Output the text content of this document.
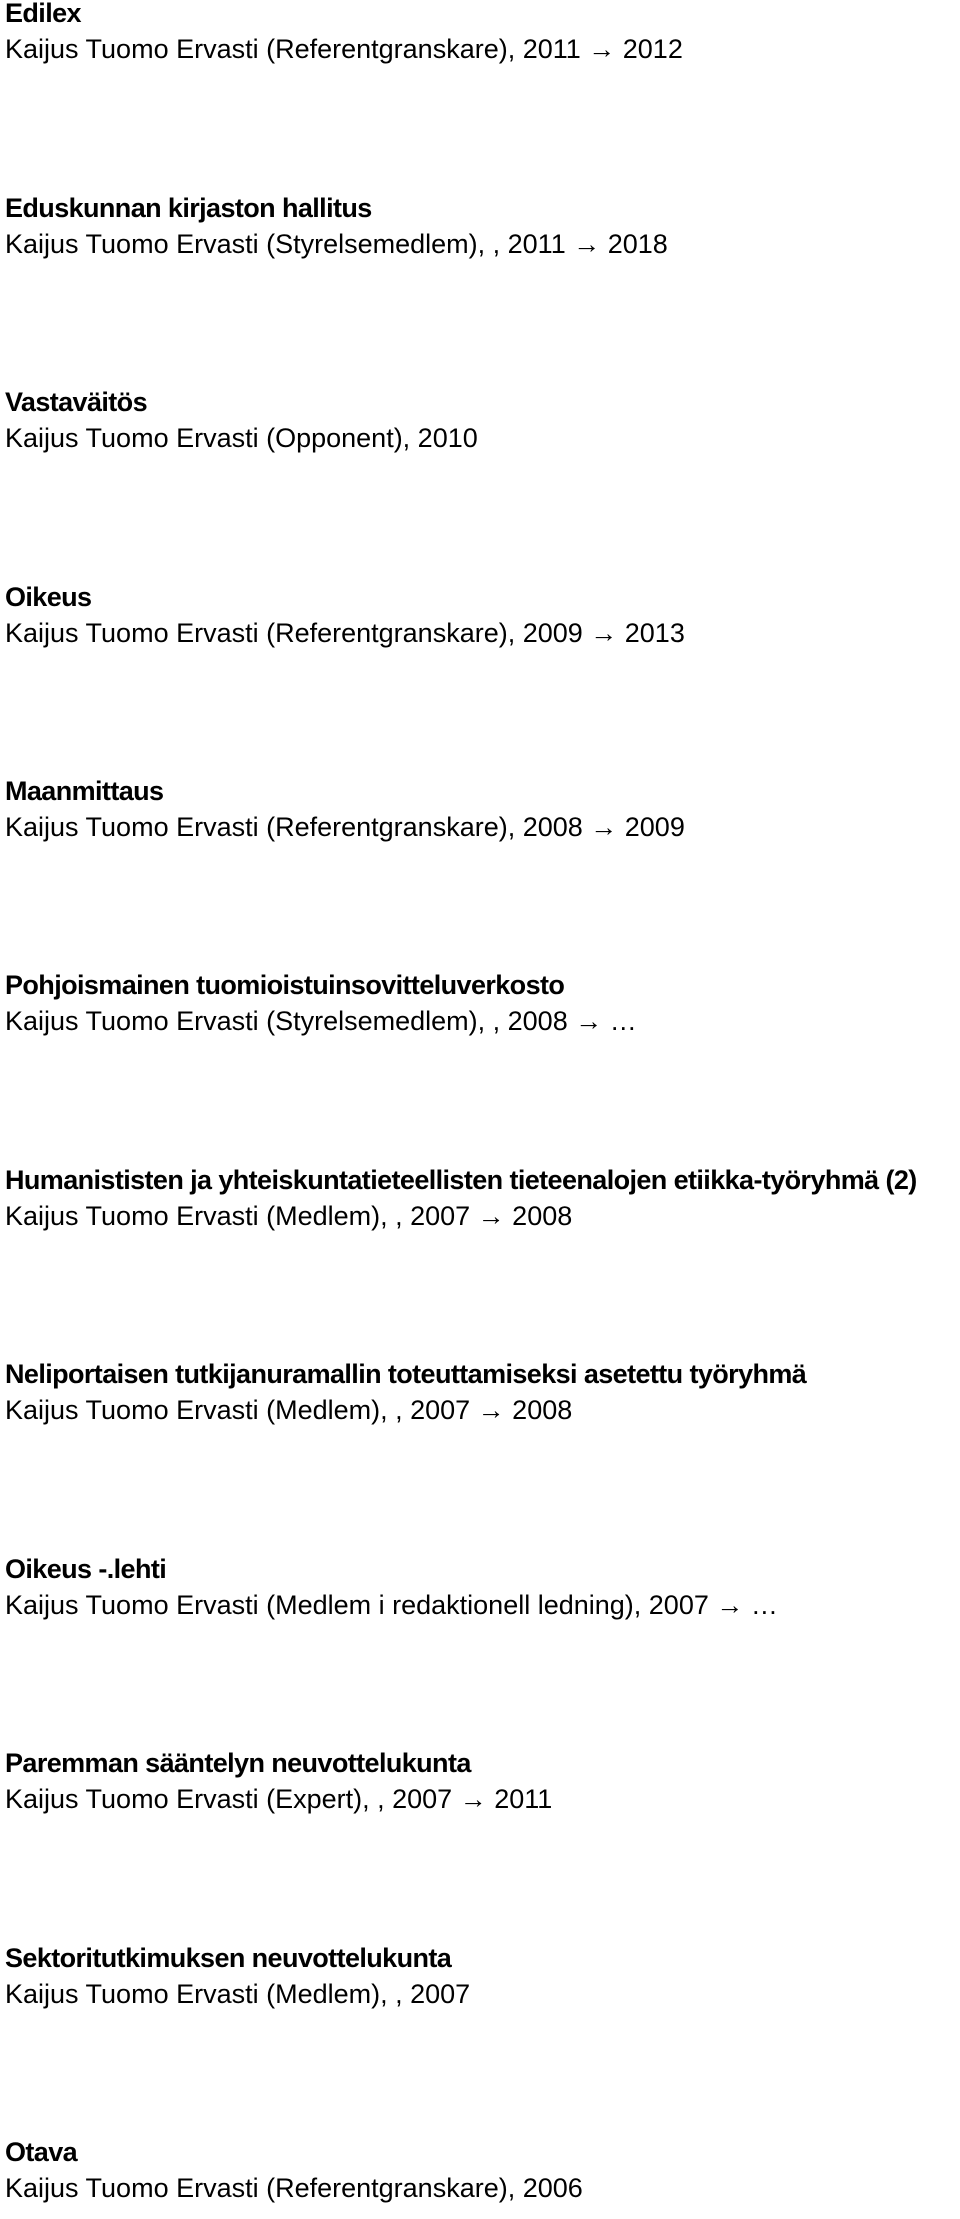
Edilex
Kaijus Tuomo Ervasti (Referentgranskare), 2011 → 2012
Eduskunnan kirjaston hallitus
Kaijus Tuomo Ervasti (Styrelsemedlem), , 2011 → 2018
Vastaväitös
Kaijus Tuomo Ervasti (Opponent), 2010
Oikeus
Kaijus Tuomo Ervasti (Referentgranskare), 2009 → 2013
Maanmittaus
Kaijus Tuomo Ervasti (Referentgranskare), 2008 → 2009
Pohjoismainen tuomioistuinsovitteluverkosto
Kaijus Tuomo Ervasti (Styrelsemedlem), , 2008 → …
Humanististen ja yhteiskuntatieteellisten tieteenalojen etiikka-työryhmä (2)
Kaijus Tuomo Ervasti (Medlem), , 2007 → 2008
Neliportaisen tutkijanuramallin toteuttamiseksi asetettu työryhmä
Kaijus Tuomo Ervasti (Medlem), , 2007 → 2008
Oikeus -.lehti
Kaijus Tuomo Ervasti (Medlem i redaktionell ledning), 2007 → …
Paremman sääntelyn neuvottelukunta
Kaijus Tuomo Ervasti (Expert), , 2007 → 2011
Sektoritutkimuksen neuvottelukunta
Kaijus Tuomo Ervasti (Medlem), , 2007
Otava
Kaijus Tuomo Ervasti (Referentgranskare), 2006
